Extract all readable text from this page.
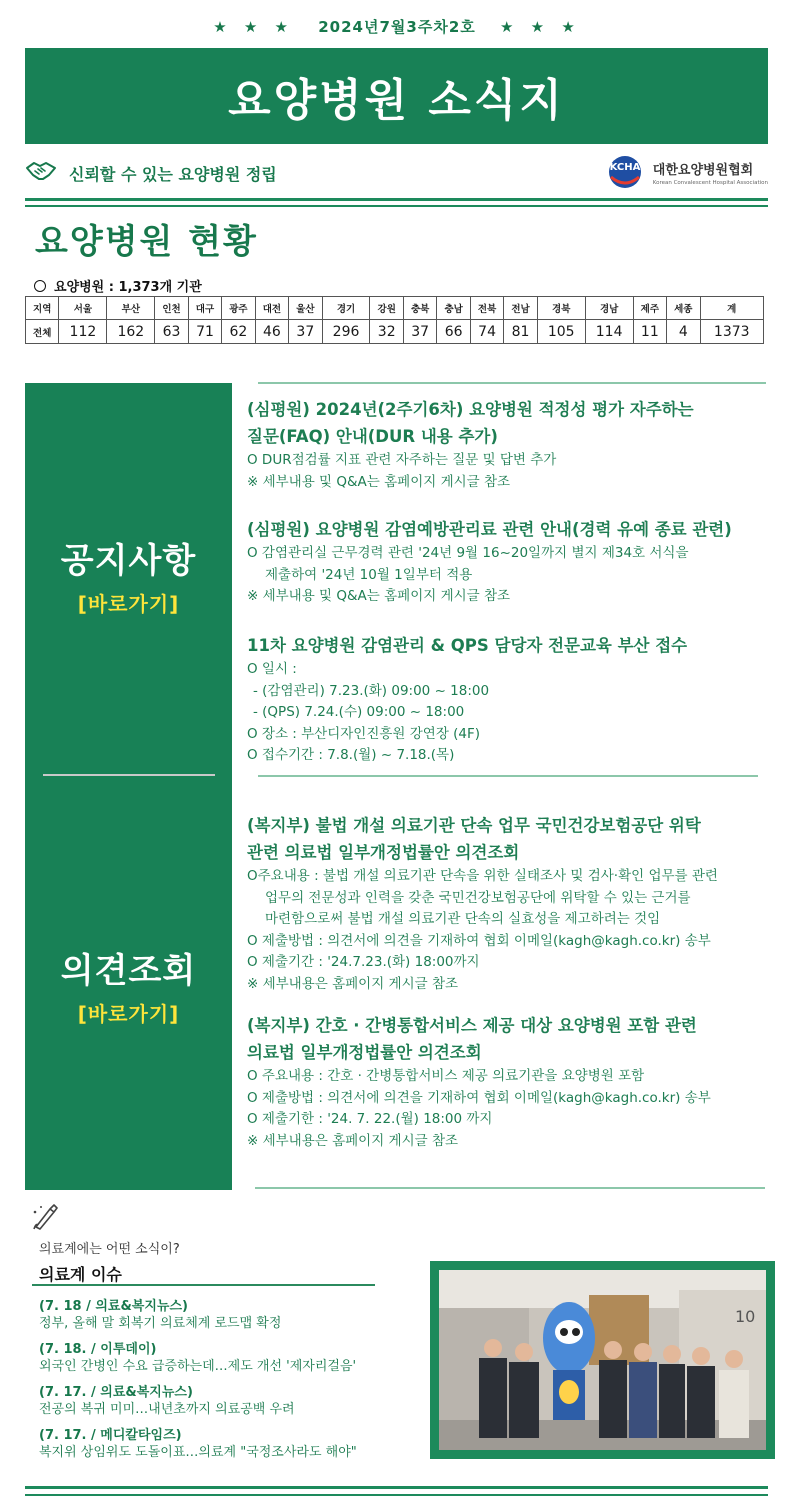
★ ★ ★ 2024년7월3주차2호 ★ ★ ★
요양병원 소식지
신뢰할 수 있는 요양병원 정립	KCHA 대한요양병원협회
Korean Convalescent Hospital Association
요양병원 현황
요양병원 : 1,373개 기관
지역	서울	부산	인천	대구	광주	대전	울산	경기	강원	충북	충남	전북	전남	경북	경남	제주	세종	계
전체	112	162	63	71	62	46	37	296	32	37	66	74	81	105	114	11	4	1373
공지사항
[바로가기]
의견조회
[바로가기]
(심평원) 2024년(2주기6차) 요양병원 적정성 평가 자주하는
질문(FAQ) 안내(DUR 내용 추가)

O DUR점검률 지표 관련 자주하는 질문 및 답변 추가

※ 세부내용 및 Q&A는 홈페이지 게시글 참조

(심평원) 요양병원 감염예방관리료 관련 안내(경력 유예 종료 관련)

O 감염관리실 근무경력 관련 '24년 9월 16~20일까지 별지 제34호 서식을

제출하여 '24년 10월 1일부터 적용

※ 세부내용 및 Q&A는 홈페이지 게시글 참조

11차 요양병원 감염관리 & QPS 담당자 전문교육 부산 접수

O 일시 :

- (감염관리) 7.23.(화) 09:00 ~ 18:00

- (QPS) 7.24.(수) 09:00 ~ 18:00

O 장소 : 부산디자인진흥원 강연장 (4F)

O 접수기간 : 7.8.(월) ~ 7.18.(목)

(복지부) 불법 개설 의료기관 단속 업무 국민건강보험공단 위탁
관련 의료법 일부개정법률안 의견조회

O주요내용 : 불법 개설 의료기관 단속을 위한 실태조사 및 검사·확인 업무를 관련

업무의 전문성과 인력을 갖춘 국민건강보험공단에 위탁할 수 있는 근거를

마련함으로써 불법 개설 의료기관 단속의 실효성을 제고하려는 것임

O 제출방법 : 의견서에 의견을 기재하여 협회 이메일(kagh@kagh.co.kr) 송부

O 제출기간 : '24.7.23.(화) 18:00까지

※ 세부내용은 홈페이지 게시글 참조

(복지부) 간호 · 간병통합서비스 제공 대상 요양병원 포함 관련
의료법 일부개정법률안 의견조회

O 주요내용 : 간호 · 간병통합서비스 제공 의료기관을 요양병원 포함

O 제출방법 : 의견서에 의견을 기재하여 협회 이메일(kagh@kagh.co.kr) 송부

O 제출기한 : '24. 7. 22.(월) 18:00 까지

※ 세부내용은 홈페이지 게시글 참조

의료계에는 어떤 소식이?
의료계 이슈
(7. 18 / 의료&복지뉴스)
정부, 올해 말 회복기 의료체계 로드맵 확정
(7. 18. / 이투데이)
외국인 간병인 수요 급증하는데…제도 개선 '제자리걸음'
(7. 17. / 의료&복지뉴스)
전공의 복귀 미미…내년초까지 의료공백 우려
(7. 17. / 메디칼타임즈)
복지위 상임위도 도돌이표…의료계 "국정조사라도 해야"
10
